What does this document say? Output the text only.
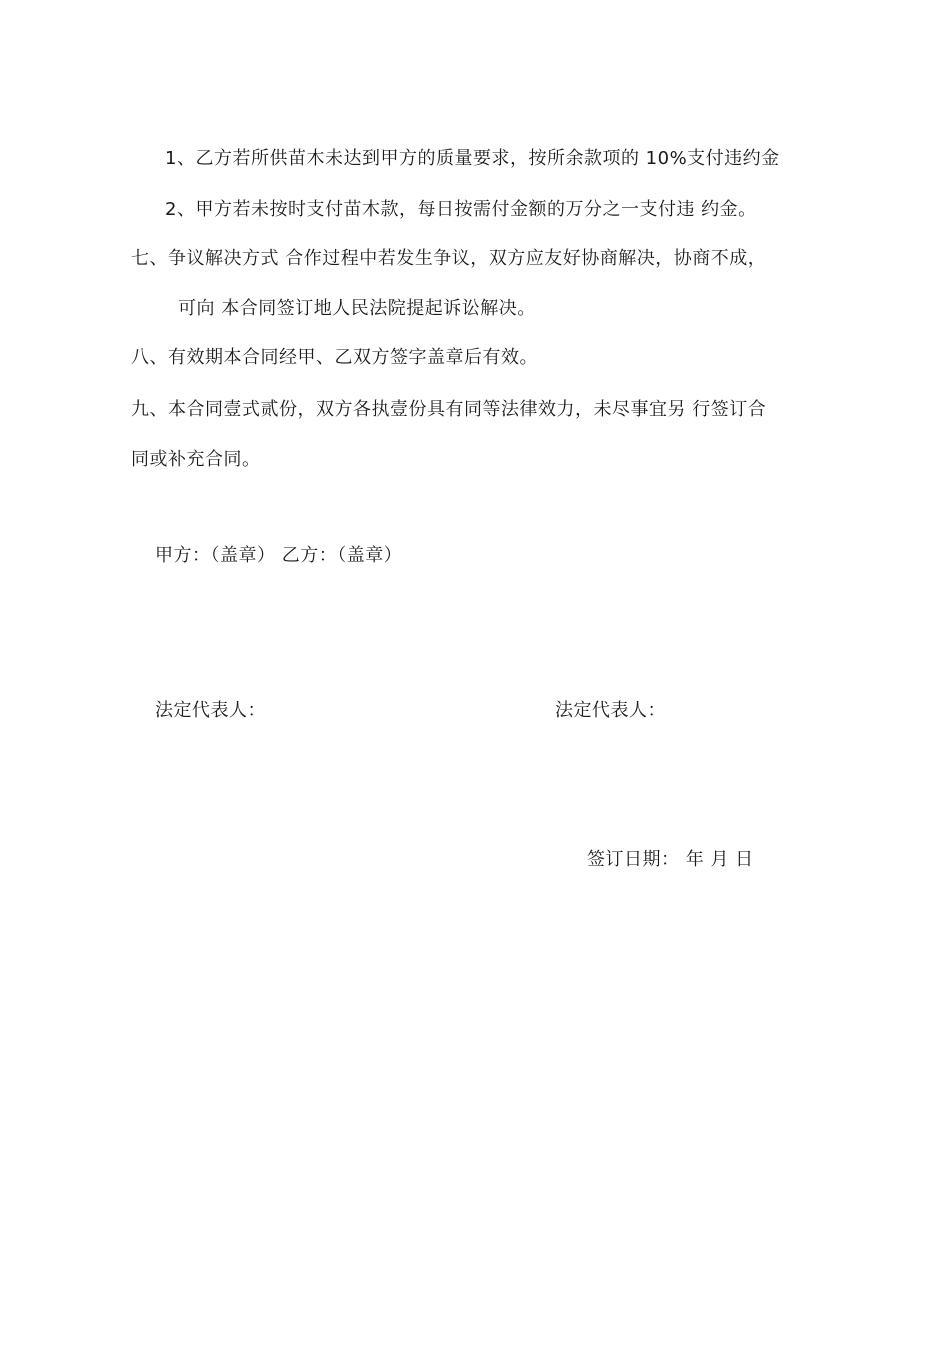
1、乙方若所供苗木未达到甲方的质量要求，按所余款项的 10%支付违约金
2、甲方若未按时支付苗木款，每日按需付金额的万分之一支付违 约金。
七、争议解决方式 合作过程中若发生争议，双方应友好协商解决，协商不成，
可向 本合同签订地人民法院提起诉讼解决。
八、有效期本合同经甲、乙双方签字盖章后有效。
九、本合同壹式贰份，双方各执壹份具有同等法律效力，未尽事宜另 行签订合
同或补充合同。
甲方：（盖章） 乙方：（盖章）
法定代表人：	法定代表人：
签订日期： 年 月 日
